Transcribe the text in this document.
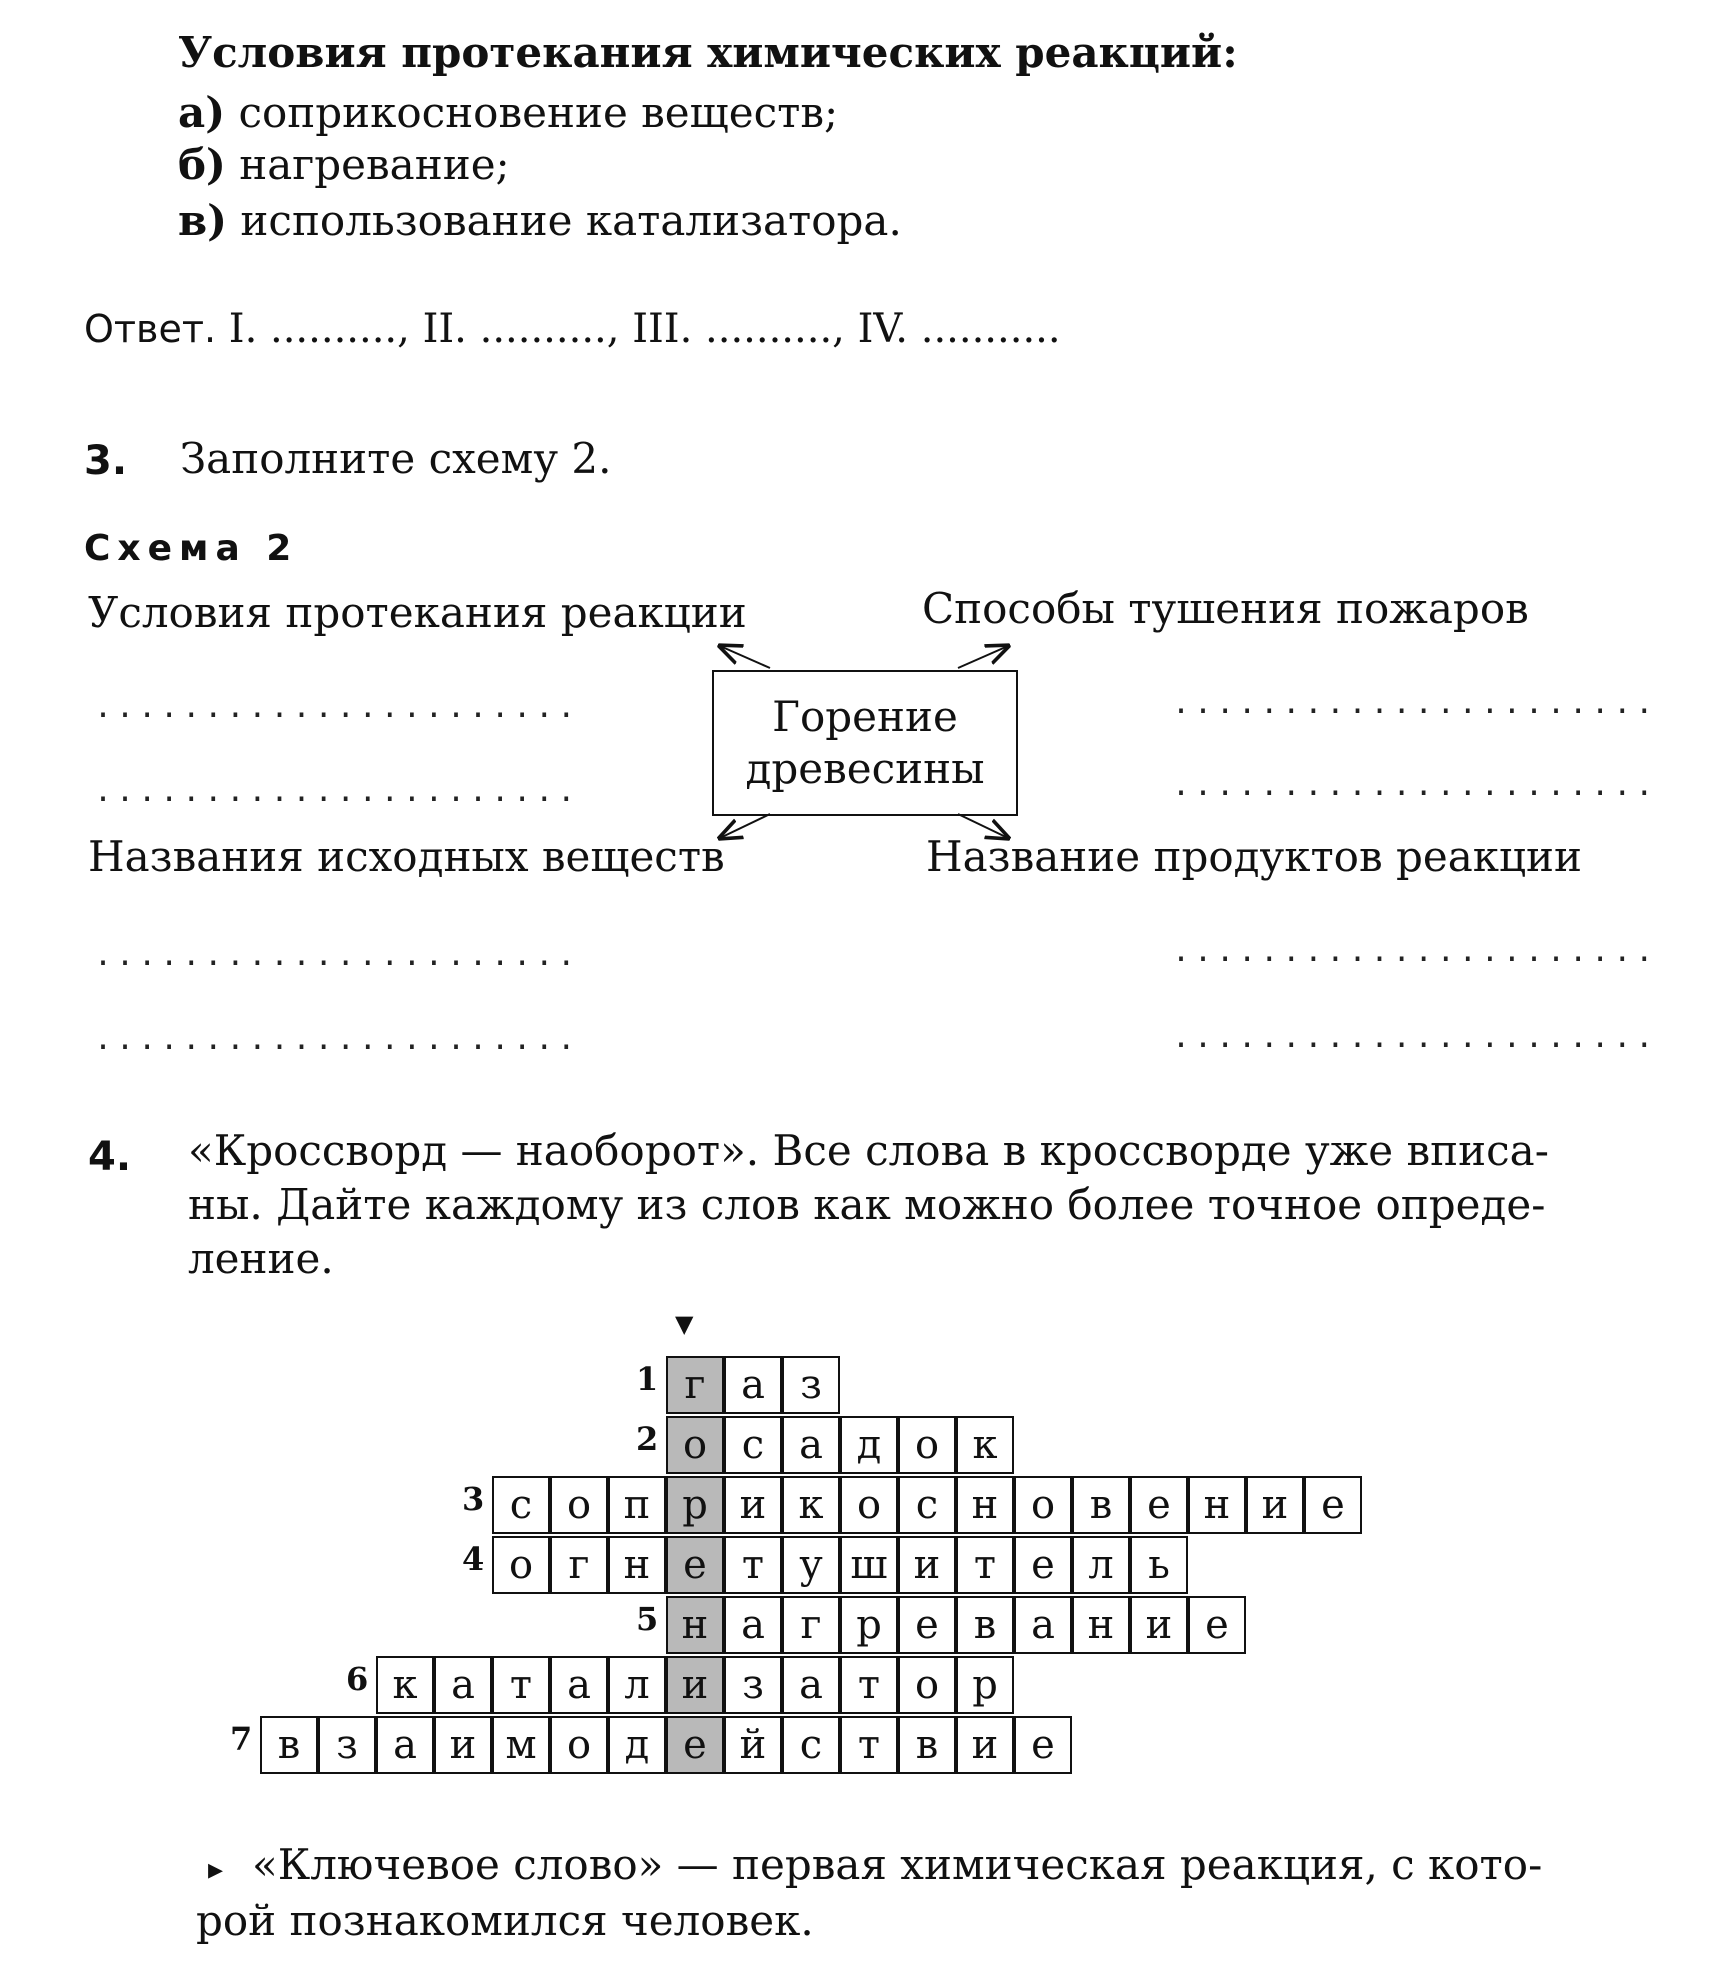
Условия протекания химических реакций:
а) соприкосновение веществ;
б) нагревание;
в) использование катализатора.
Ответ. I. .........., II. .........., III. .........., IV. ...........
3. Заполните схему 2.
Схема 2
Условия протекания реакции	Способы тушения пожаров
......................
......................
......................
......................
Горение
древесины
Названия исходных веществ	Название продуктов реакции
......................
......................
......................
......................
4. «Кроссворд — наоборот». Все слова в кроссворде уже вписа-
ны. Дайте каждому из слов как можно более точное опреде-
ление.
▼
1 г а з
2 о с а д о к
3 с о п р и к о с н о в е н и е
4 о г н е т у ш и т е л ь
5 н а г р е в а н и е
6 к а т а л и з а т о р
7 в з а и м о д е й с т в и е
▸ «Ключевое слово» — первая химическая реакция, с кото-
рой познакомился человек.
